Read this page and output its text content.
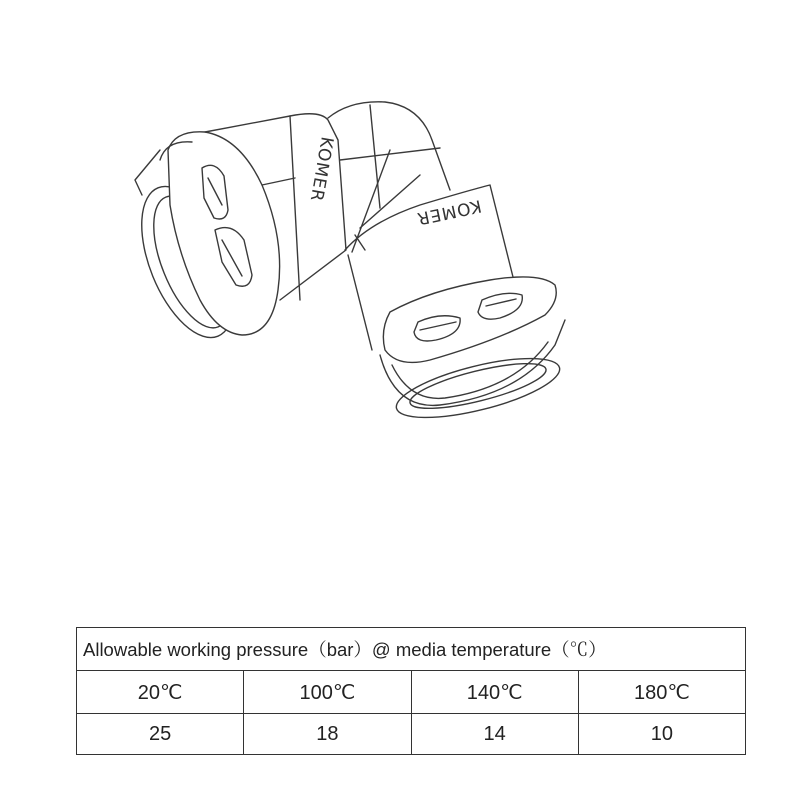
KOMER
KOMER
Allowable working pressure（bar）@ media temperature（℃）			
20℃	100℃	140℃	180℃
25	18	14	10
